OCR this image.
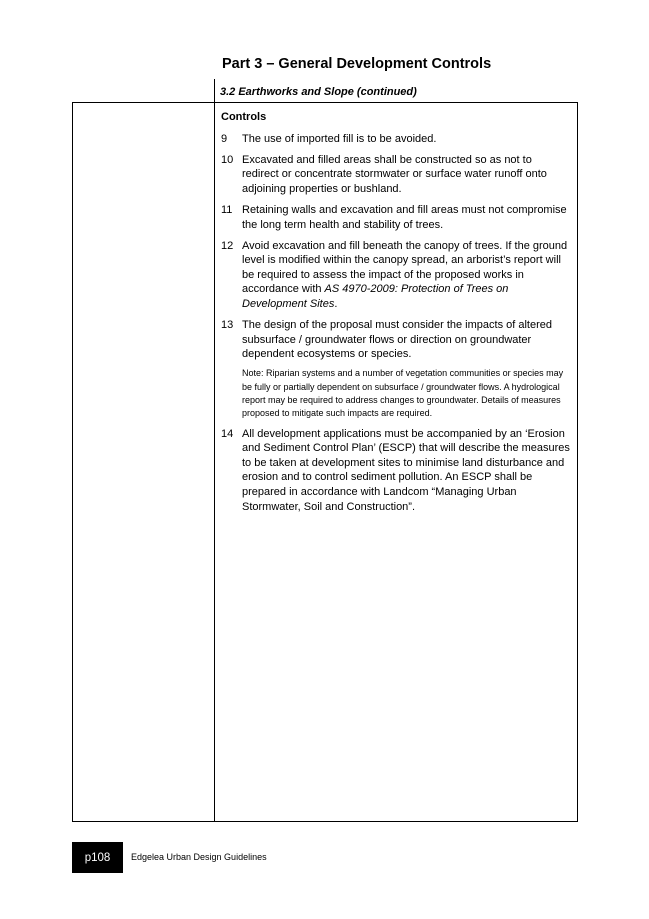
Part 3 – General Development Controls
3.2 Earthworks and Slope (continued)
Controls
9	The use of imported fill is to be avoided.
10 Excavated and filled areas shall be constructed so as not to redirect or concentrate stormwater or surface water runoff onto adjoining properties or bushland.
11 Retaining walls and excavation and fill areas must not compromise the long term health and stability of trees.
12 Avoid excavation and fill beneath the canopy of trees. If the ground level is modified within the canopy spread, an arborist’s report will be required to assess the impact of the proposed works in accordance with AS 4970-2009: Protection of Trees on Development Sites.
13 The design of the proposal must consider the impacts of altered subsurface / groundwater flows or direction on groundwater dependent ecosystems or species.
Note: Riparian systems and a number of vegetation communities or species may be fully or partially dependent on subsurface / groundwater flows. A hydrological report may be required to address changes to groundwater. Details of measures proposed to mitigate such impacts are required.
14 All development applications must be accompanied by an ‘Erosion and Sediment Control Plan’ (ESCP) that will describe the measures to be taken at development sites to minimise land disturbance and erosion and to control sediment pollution. An ESCP shall be prepared in accordance with Landcom “Managing Urban Stormwater, Soil and Construction”.
p108	Edgelea Urban Design Guidelines
